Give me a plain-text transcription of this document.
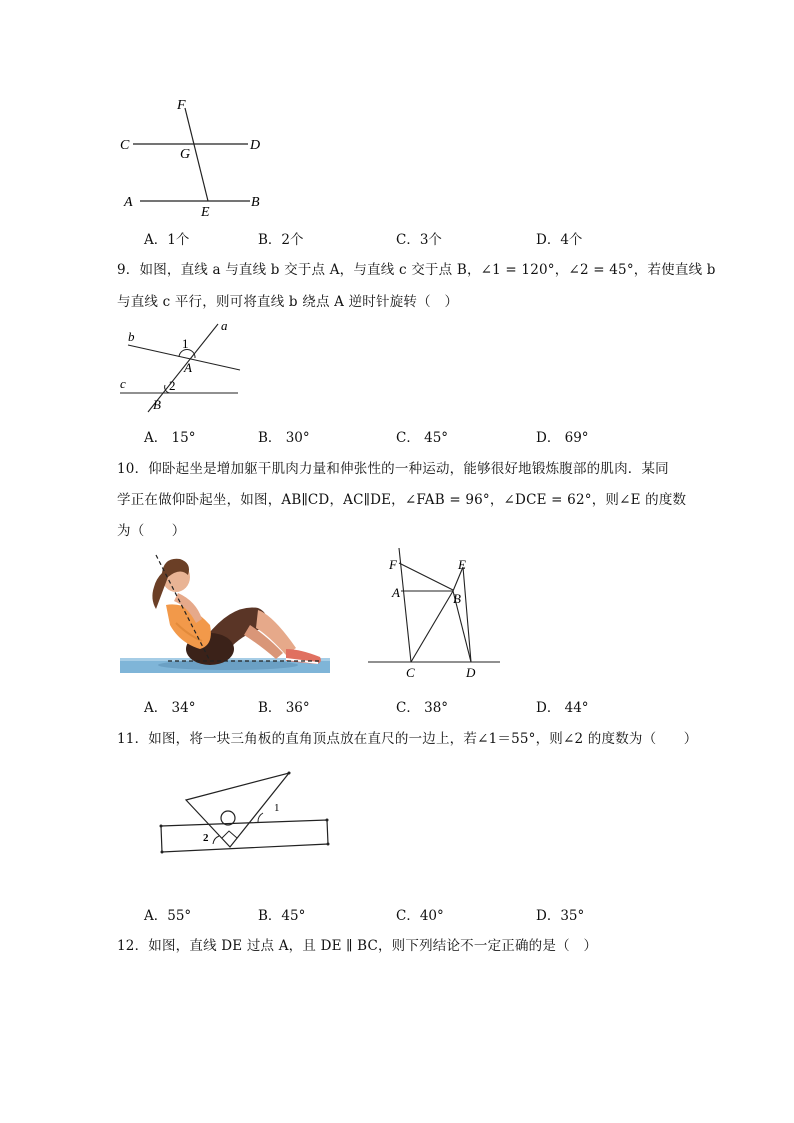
F
C
G
D
A
E
B
A．1个	B．2个	C．3个	D．4个
9．如图，直线 a 与直线 b 交于点 A，与直线 c 交于点 B，∠1 = 120°，∠2 = 45°，若使直线 b
与直线 c 平行，则可将直线 b 绕点 A 逆时针旋转（　）
a
b
c
1
2
A
B
A． 15°	B． 30°	C． 45°	D． 69°
10．仰卧起坐是增加躯干肌肉力量和伸张性的一种运动，能够很好地锻炼腹部的肌肉．某同
学正在做仰卧起坐，如图，AB∥CD，AC∥DE，∠FAB = 96°，∠DCE = 62°，则∠E 的度数
为（　　）
F	E
A	B
C	D
A． 34°	B． 36°	C． 38°	D． 44°
11．如图，将一块三角板的直角顶点放在直尺的一边上，若∠1＝55°，则∠2 的度数为（　　）
1
2
A．55°	B．45°	C．40°	D．35°
12．如图，直线 DE 过点 A，且 DE ∥ BC，则下列结论不一定正确的是（　）
